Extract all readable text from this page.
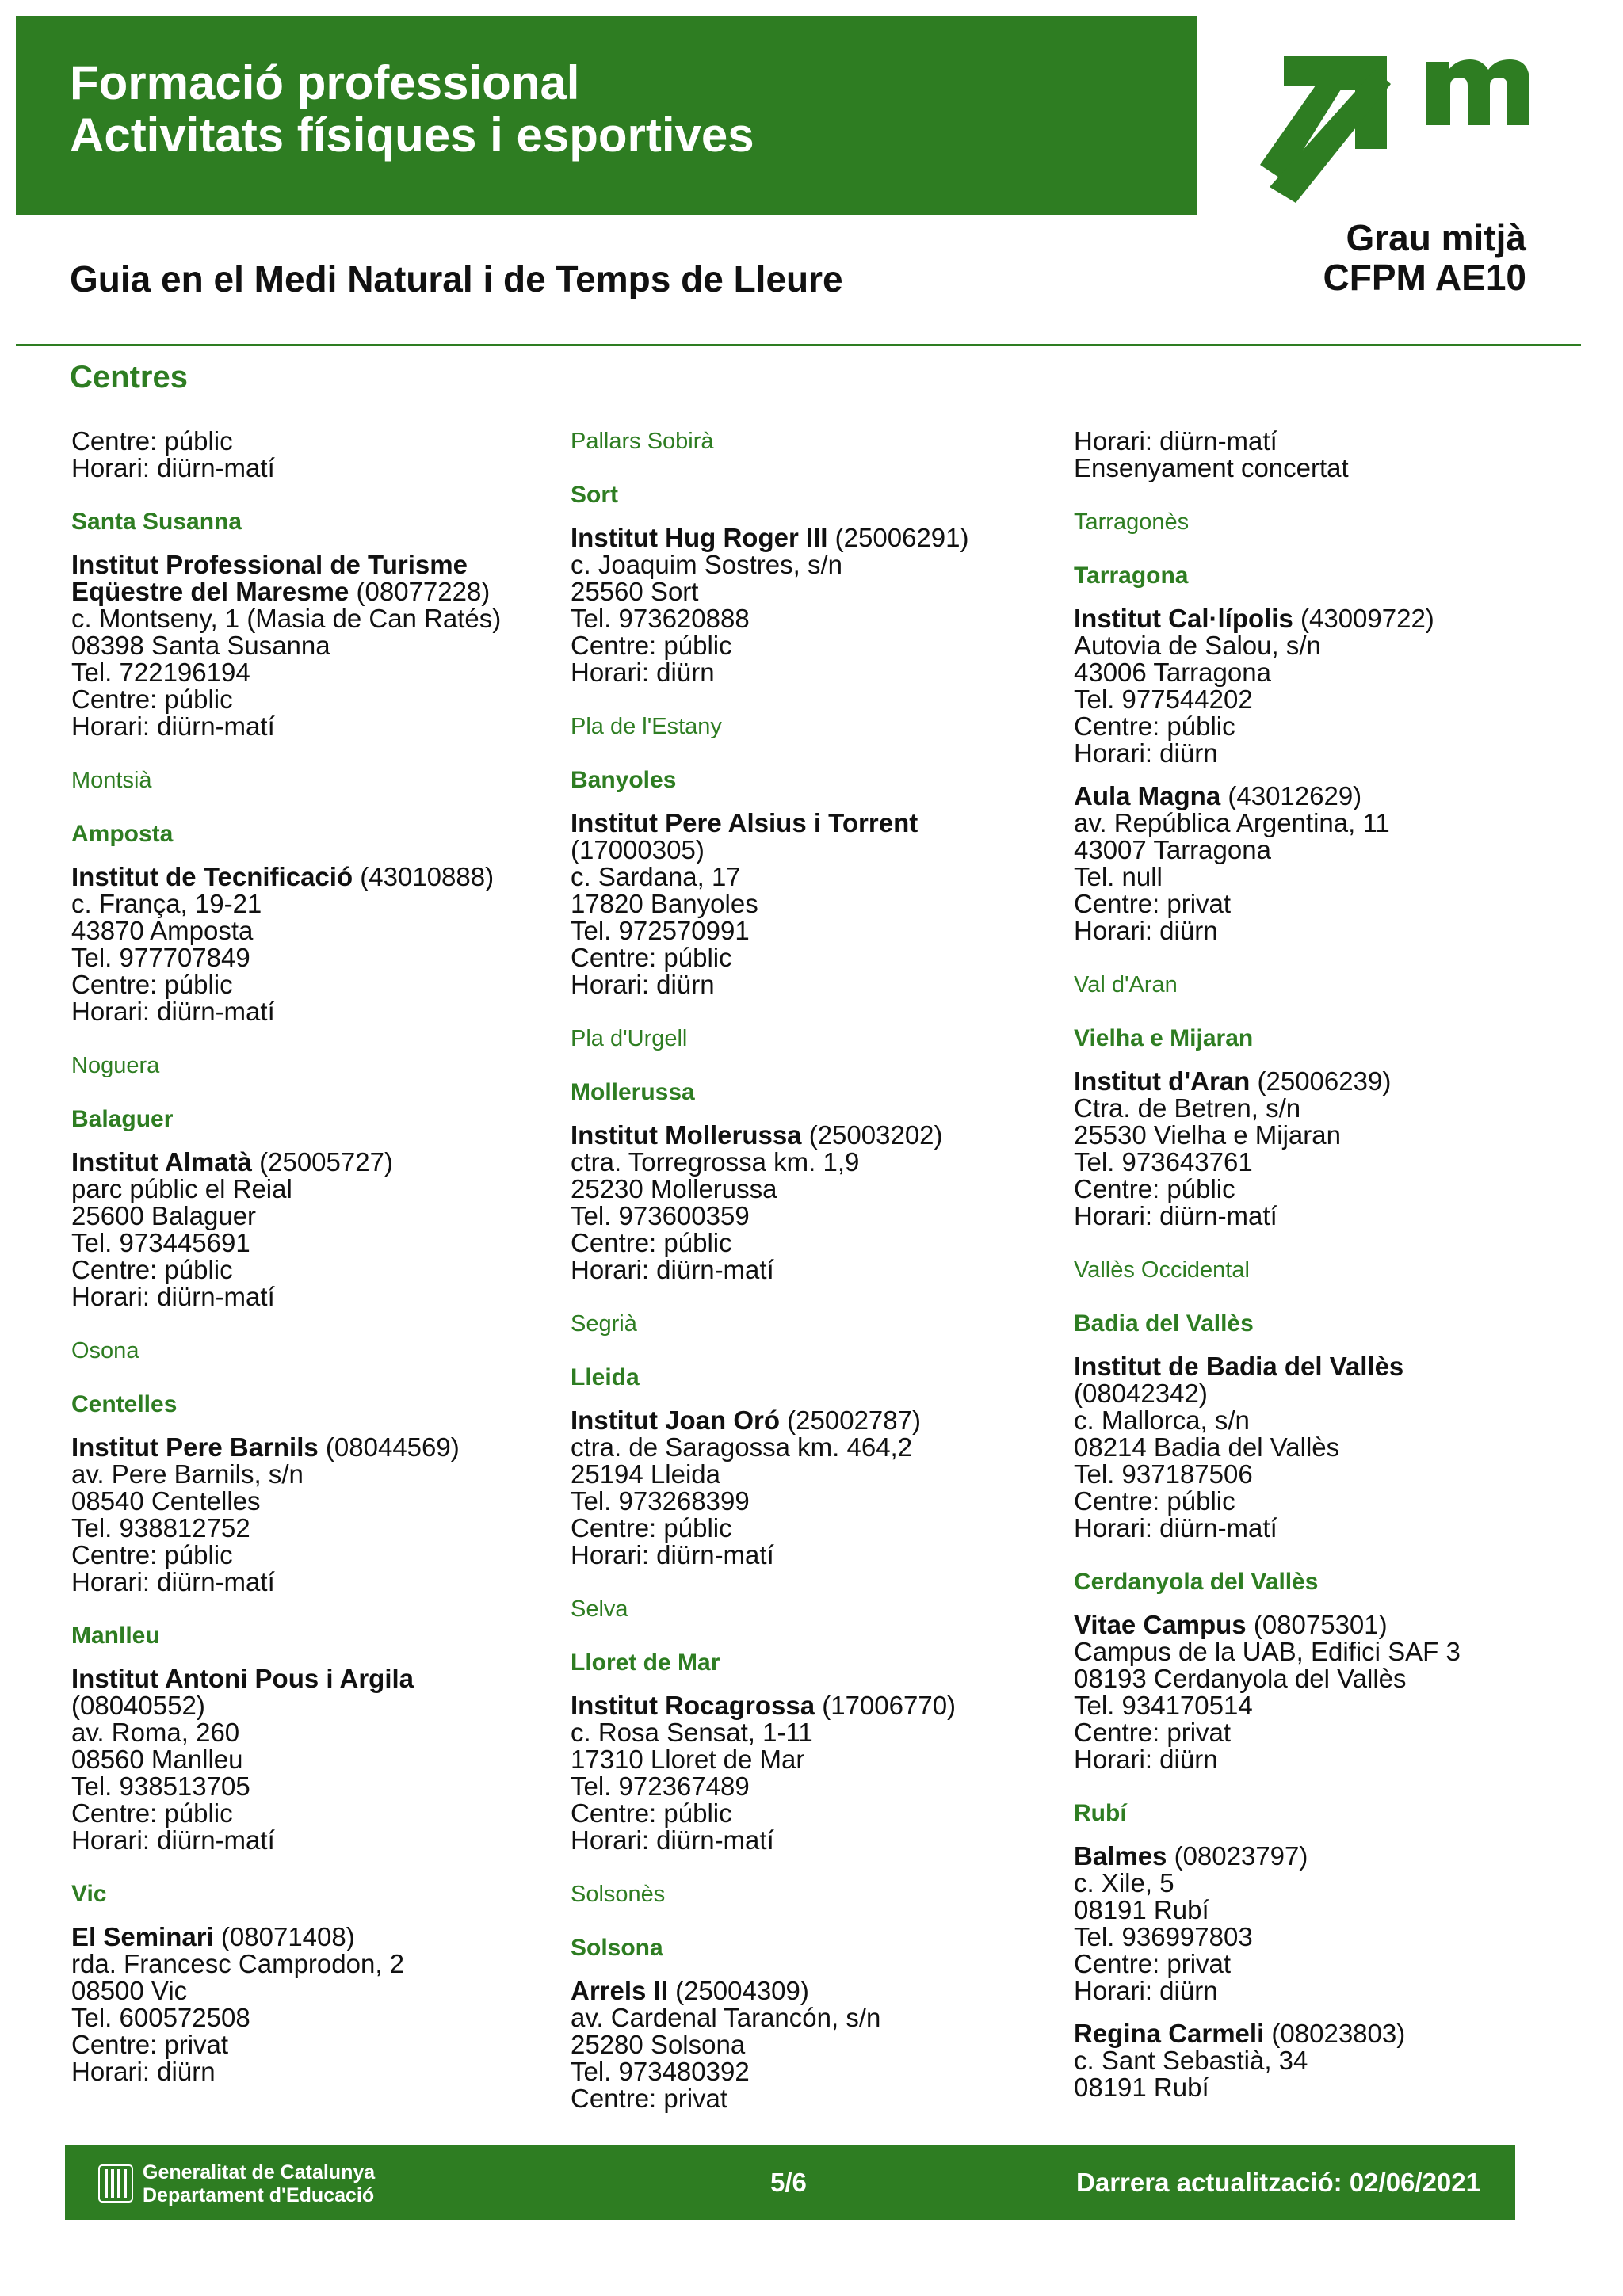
Formació professional
Activitats físiques i esportives
Grau mitjà
CFPM AE10
Guia en el Medi Natural i de Temps de Lleure
Centres
Centre: públic
Horari: diürn-matí
Santa Susanna
Institut Professional de Turisme
Eqüestre del Maresme (08077228)
c. Montseny, 1 (Masia de Can Ratés)
08398 Santa Susanna
Tel. 722196194
Centre: públic
Horari: diürn-matí
Montsià
Amposta
Institut de Tecnificació (43010888)
c. França, 19-21
43870 Amposta
Tel. 977707849
Centre: públic
Horari: diürn-matí
Noguera
Balaguer
Institut Almatà (25005727)
parc públic el Reial
25600 Balaguer
Tel. 973445691
Centre: públic
Horari: diürn-matí
Osona
Centelles
Institut Pere Barnils (08044569)
av. Pere Barnils, s/n
08540 Centelles
Tel. 938812752
Centre: públic
Horari: diürn-matí
Manlleu
Institut Antoni Pous i Argila
(08040552)
av. Roma, 260
08560 Manlleu
Tel. 938513705
Centre: públic
Horari: diürn-matí
Vic
El Seminari (08071408)
rda. Francesc Camprodon, 2
08500 Vic
Tel. 600572508
Centre: privat
Horari: diürn
Pallars Sobirà
Sort
Institut Hug Roger III (25006291)
c. Joaquim Sostres, s/n
25560 Sort
Tel. 973620888
Centre: públic
Horari: diürn
Pla de l'Estany
Banyoles
Institut Pere Alsius i Torrent
(17000305)
c. Sardana, 17
17820 Banyoles
Tel. 972570991
Centre: públic
Horari: diürn
Pla d'Urgell
Mollerussa
Institut Mollerussa (25003202)
ctra. Torregrossa km. 1,9
25230 Mollerussa
Tel. 973600359
Centre: públic
Horari: diürn-matí
Segrià
Lleida
Institut Joan Oró (25002787)
ctra. de Saragossa km. 464,2
25194 Lleida
Tel. 973268399
Centre: públic
Horari: diürn-matí
Selva
Lloret de Mar
Institut Rocagrossa (17006770)
c. Rosa Sensat, 1-11
17310 Lloret de Mar
Tel. 972367489
Centre: públic
Horari: diürn-matí
Solsonès
Solsona
Arrels II (25004309)
av. Cardenal Tarancón, s/n
25280 Solsona
Tel. 973480392
Centre: privat
Horari: diürn-matí
Ensenyament concertat
Tarragonès
Tarragona
Institut Cal·lípolis (43009722)
Autovia de Salou, s/n
43006 Tarragona
Tel. 977544202
Centre: públic
Horari: diürn
Aula Magna (43012629)
av. República Argentina, 11
43007 Tarragona
Tel. null
Centre: privat
Horari: diürn
Val d'Aran
Vielha e Mijaran
Institut d'Aran (25006239)
Ctra. de Betren, s/n
25530 Vielha e Mijaran
Tel. 973643761
Centre: públic
Horari: diürn-matí
Vallès Occidental
Badia del Vallès
Institut de Badia del Vallès
(08042342)
c. Mallorca, s/n
08214 Badia del Vallès
Tel. 937187506
Centre: públic
Horari: diürn-matí
Cerdanyola del Vallès
Vitae Campus (08075301)
Campus de la UAB, Edifici SAF 3
08193 Cerdanyola del Vallès
Tel. 934170514
Centre: privat
Horari: diürn
Rubí
Balmes (08023797)
c. Xile, 5
08191 Rubí
Tel. 936997803
Centre: privat
Horari: diürn
Regina Carmeli (08023803)
c. Sant Sebastià, 34
08191 Rubí
Generalitat de Catalunya
Departament d'Educació	5/6	Darrera actualització: 02/06/2021
